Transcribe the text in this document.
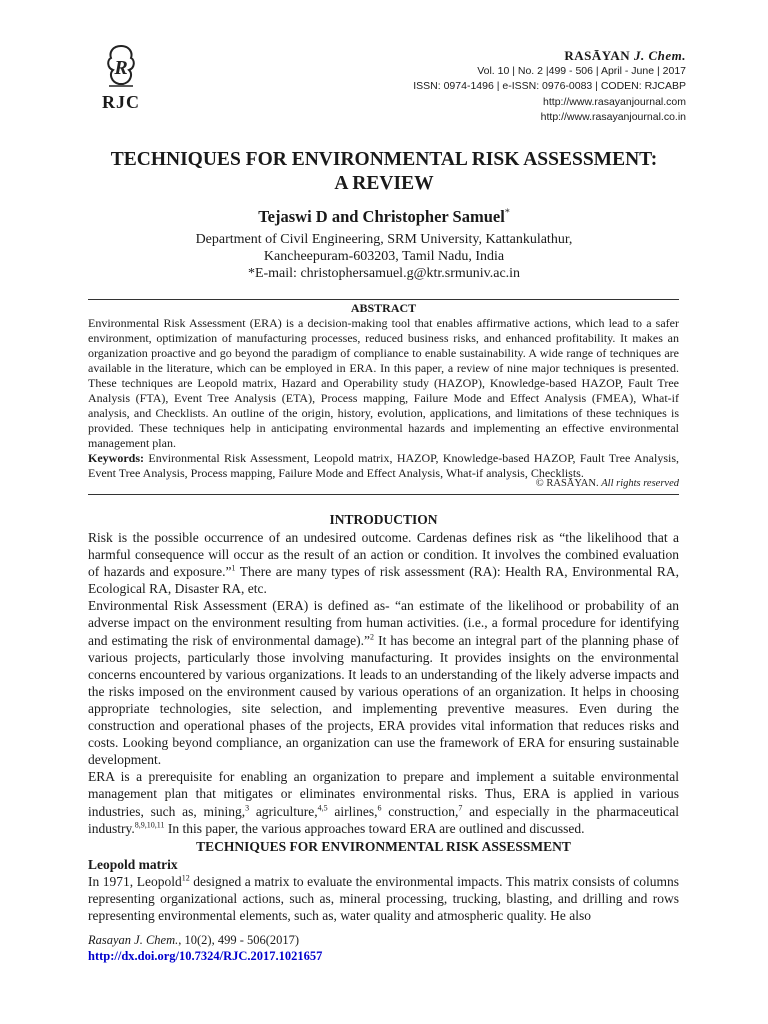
R
RJC
RASĀYAN J. Chem.
Vol. 10 | No. 2 |499 - 506 | April - June | 2017
ISSN: 0974-1496 | e-ISSN: 0976-0083 | CODEN: RJCABP
http://www.rasayanjournal.com
http://www.rasayanjournal.co.in
TECHNIQUES FOR ENVIRONMENTAL RISK ASSESSMENT:
A REVIEW
Tejaswi D and Christopher Samuel*
Department of Civil Engineering, SRM University, Kattankulathur,
Kancheepuram-603203, Tamil Nadu, India
*E-mail: christophersamuel.g@ktr.srmuniv.ac.in
ABSTRACT
Environmental Risk Assessment (ERA) is a decision-making tool that enables affirmative actions, which lead to a safer environment, optimization of manufacturing processes, reduced business risks, and enhanced profitability. It makes an organization proactive and go beyond the paradigm of compliance to enable sustainability. A wide range of techniques are available in the literature, which can be employed in ERA. In this paper, a review of nine major techniques is presented. These techniques are Leopold matrix, Hazard and Operability study (HAZOP), Knowledge-based HAZOP, Fault Tree Analysis (FTA), Event Tree Analysis (ETA), Process mapping, Failure Mode and Effect Analysis (FMEA), What-if analysis, and Checklists. An outline of the origin, history, evolution, applications, and limitations of these techniques is provided. These techniques help in anticipating environmental hazards and implementing an effective environmental management plan.
Keywords: Environmental Risk Assessment, Leopold matrix, HAZOP, Knowledge-based HAZOP, Fault Tree Analysis, Event Tree Analysis, Process mapping, Failure Mode and Effect Analysis, What-if analysis, Checklists.
© RASĀYAN. All rights reserved
INTRODUCTION

Risk is the possible occurrence of an undesired outcome. Cardenas defines risk as “the likelihood that a harmful consequence will occur as the result of an action or condition. It involves the combined evaluation of hazards and exposure.”$^1$ There are many types of risk assessment (RA): Health RA, Environmental RA, Ecological RA, Disaster RA, etc.

Environmental Risk Assessment (ERA) is defined as- “an estimate of the likelihood or probability of an adverse impact on the environment resulting from human activities. (i.e., a formal procedure for identifying and estimating the risk of environmental damage).”$^2$ It has become an integral part of the planning phase of various projects, particularly those involving manufacturing. It provides insights on the environmental concerns encountered by various organizations. It leads to an understanding of the likely adverse impacts and the risks imposed on the environment caused by various operations of an organization. It helps in choosing appropriate technologies, site selection, and implementing preventive measures. Even during the construction and operational phases of the projects, ERA provides vital information that reduces risks and costs. Looking beyond compliance, an organization can use the framework of ERA for ensuring sustainable development.

ERA is a prerequisite for enabling an organization to prepare and implement a suitable environmental management plan that mitigates or eliminates environmental risks. Thus, ERA is applied in various industries, such as, mining,$^3$ agriculture,$^{4,5}$ airlines,$^6$ construction,$^7$ and especially in the pharmaceutical industry.$^{8,9,10,11}$ In this paper, the various approaches toward ERA are outlined and discussed.

TECHNIQUES FOR ENVIRONMENTAL RISK ASSESSMENT
Leopold matrix

In 1971, Leopold$^{12}$ designed a matrix to evaluate the environmental impacts. This matrix consists of columns representing organizational actions, such as, mineral processing, trucking, blasting, and drilling and rows representing environmental elements, such as, water quality and atmospheric quality. He also

Rasayan J. Chem., 10(2), 499 - 506(2017)
http://dx.doi.org/10.7324/RJC.2017.1021657
